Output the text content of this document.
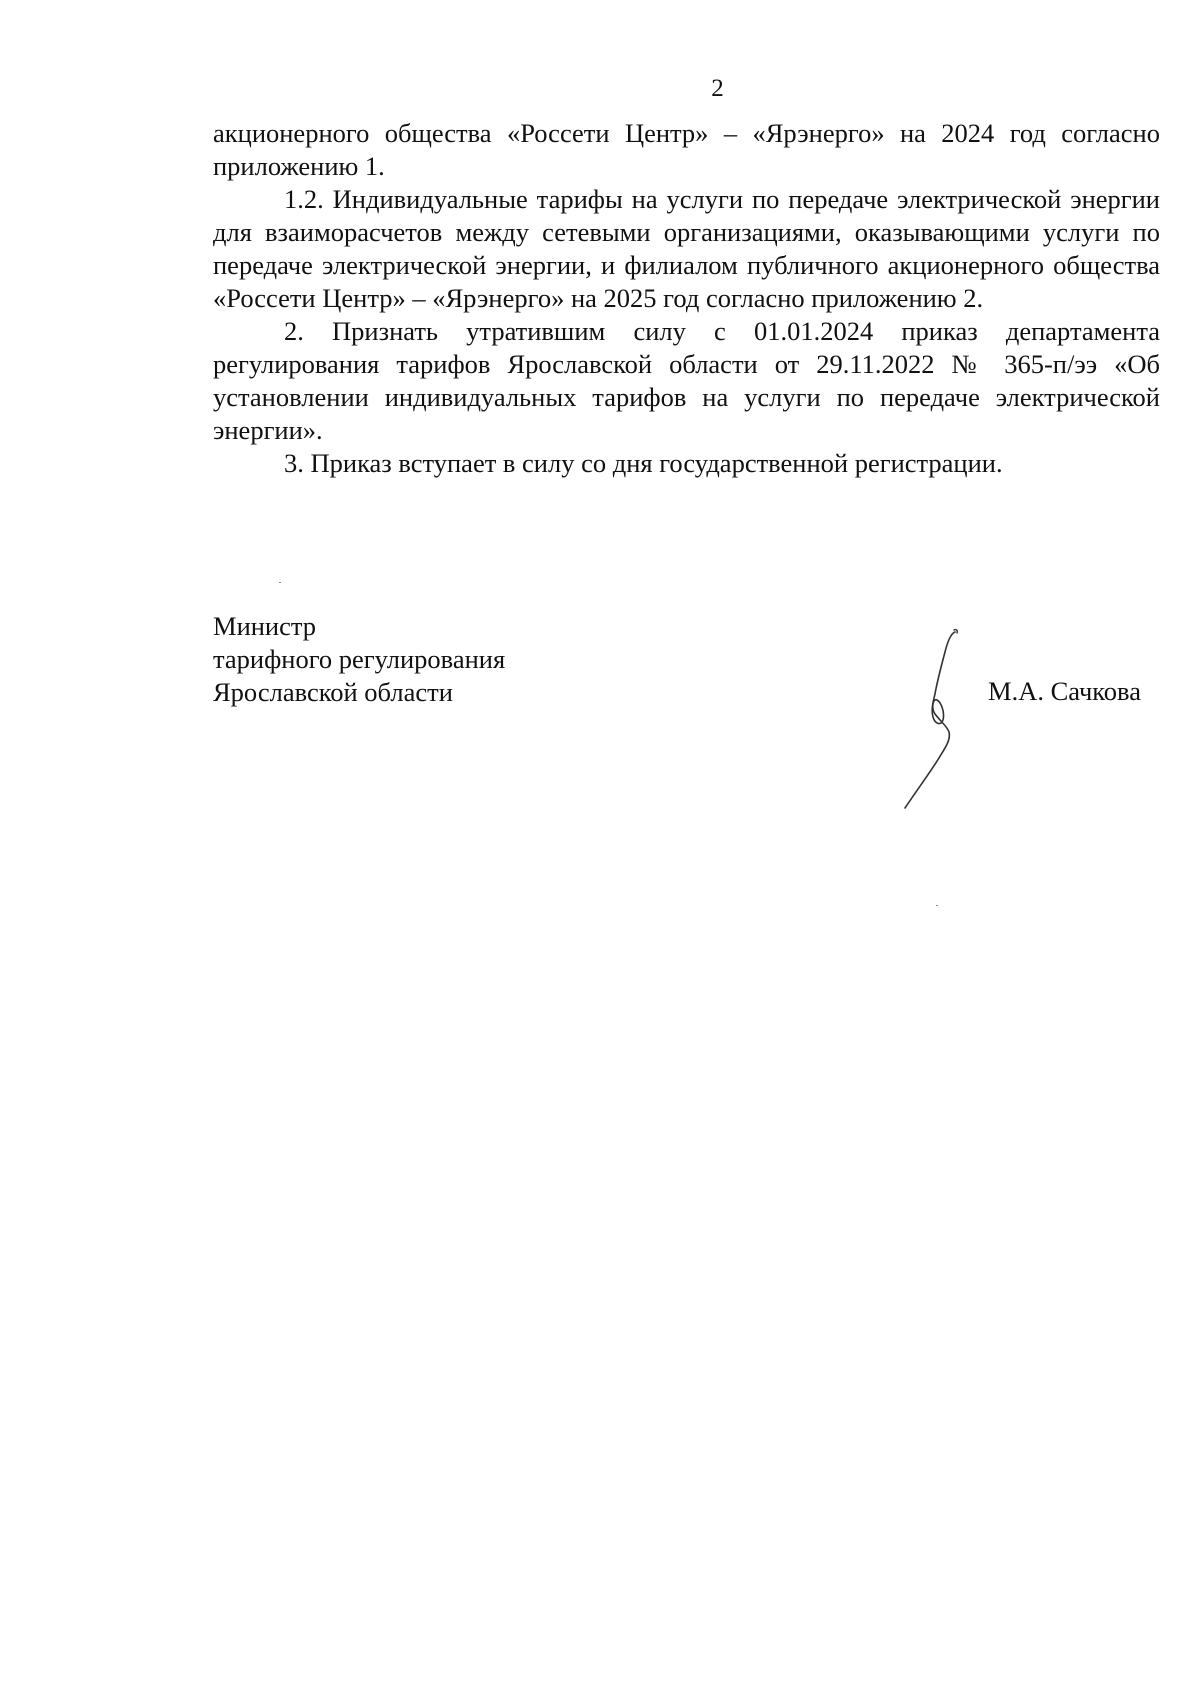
2

акционерного общества «Россети Центр» – «Ярэнерго» на 2024 год согласно приложению 1.

1.2. Индивидуальные тарифы на услуги по передаче электрической энергии для взаиморасчетов между сетевыми организациями, оказывающими услуги по передаче электрической энергии, и филиалом публичного акционерного общества «Россети Центр» – «Ярэнерго» на 2025 год согласно приложению 2.

2. Признать утратившим силу с 01.01.2024 приказ департамента регулирования тарифов Ярославской области от 29.11.2022 № 365-п/ээ «Об установлении индивидуальных тарифов на услуги по передаче электрической энергии».

3. Приказ вступает в силу со дня государственной регистрации.

Министр
тарифного регулирования
Ярославской области	М.А. Сачкова
